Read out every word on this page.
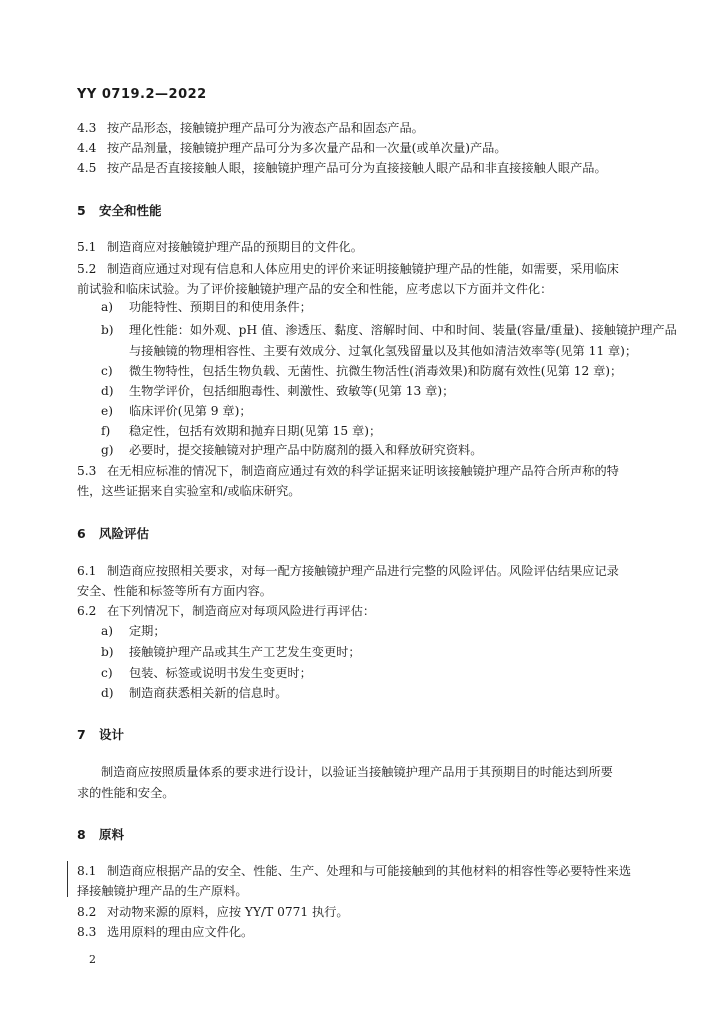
YY 0719.2—2022
4.3 按产品形态，接触镜护理产品可分为液态产品和固态产品。
4.4 按产品剂量，接触镜护理产品可分为多次量产品和一次量(或单次量)产品。
4.5 按产品是否直接接触人眼，接触镜护理产品可分为直接接触人眼产品和非直接接触人眼产品。
5 安全和性能
5.1 制造商应对接触镜护理产品的预期目的文件化。
5.2 制造商应通过对现有信息和人体应用史的评价来证明接触镜护理产品的性能，如需要，采用临床
前试验和临床试验。为了评价接触镜护理产品的安全和性能，应考虑以下方面并文件化：
a) 功能特性、预期目的和使用条件；
b) 理化性能：如外观、pH 值、渗透压、黏度、溶解时间、中和时间、装量(容量/重量)、接触镜护理产品
与接触镜的物理相容性、主要有效成分、过氧化氢残留量以及其他如清洁效率等(见第 11 章)；
c) 微生物特性，包括生物负载、无菌性、抗微生物活性(消毒效果)和防腐有效性(见第 12 章)；
d) 生物学评价，包括细胞毒性、刺激性、致敏等(见第 13 章)；
e) 临床评价(见第 9 章)；
f) 稳定性，包括有效期和抛弃日期(见第 15 章)；
g) 必要时，提交接触镜对护理产品中防腐剂的摄入和释放研究资料。
5.3 在无相应标准的情况下，制造商应通过有效的科学证据来证明该接触镜护理产品符合所声称的特
性，这些证据来自实验室和/或临床研究。
6 风险评估
6.1 制造商应按照相关要求，对每一配方接触镜护理产品进行完整的风险评估。风险评估结果应记录
安全、性能和标签等所有方面内容。
6.2 在下列情况下，制造商应对每项风险进行再评估：
a) 定期；
b) 接触镜护理产品或其生产工艺发生变更时；
c) 包装、标签或说明书发生变更时；
d) 制造商获悉相关新的信息时。
7 设计
制造商应按照质量体系的要求进行设计，以验证当接触镜护理产品用于其预期目的时能达到所要
求的性能和安全。
8 原料
8.1 制造商应根据产品的安全、性能、生产、处理和与可能接触到的其他材料的相容性等必要特性来选
择接触镜护理产品的生产原料。
8.2 对动物来源的原料，应按 YY/T 0771 执行。
8.3 选用原料的理由应文件化。
2
